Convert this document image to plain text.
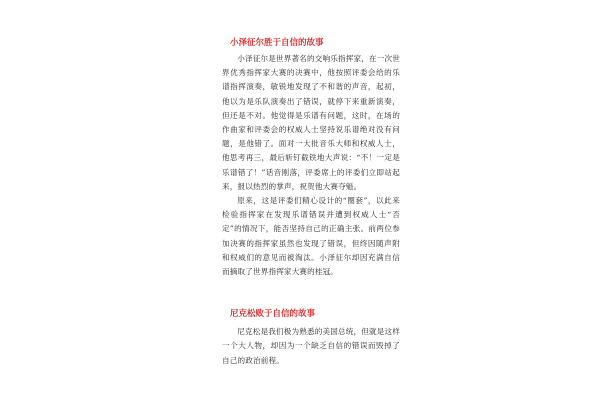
小泽征尔胜于自信的故事

小泽征尔是世界著名的交响乐指挥家，在一次世界优秀指挥家大赛的决赛中，他按照评委会给的乐谱指挥演奏，敏锐地发现了不和谐的声音，起初，他以为是乐队演奏出了错误，就停下来重新演奏，但还是不对。他觉得是乐谱有问题，这时，在场的作曲家和评委会的权威人士坚持说乐谱绝对没有问题，是他错了。面对一大批音乐大师和权威人士，他思考再三，最后斩钉截铁地大声说：“不！一定是乐谱错了！”话音刚落，评委席上的评委们立即站起来，报以热烈的掌声，祝贺他大赛夺魁。

原来，这是评委们精心设计的“圈套”，以此来检验指挥家在发现乐谱错误并遭到权威人士“否定”的情况下，能否坚持自己的正确主张。前两位参加决赛的指挥家虽然也发现了错误，但终因随声附和权威们的意见而被淘汰。小泽征尔却因充满自信而摘取了世界指挥家大赛的桂冠。

尼克松败于自信的故事

尼克松是我们极为熟悉的美国总统，但就是这样一个大人物，却因为一个缺乏自信的错误而毁掉了自己的政治前程。
